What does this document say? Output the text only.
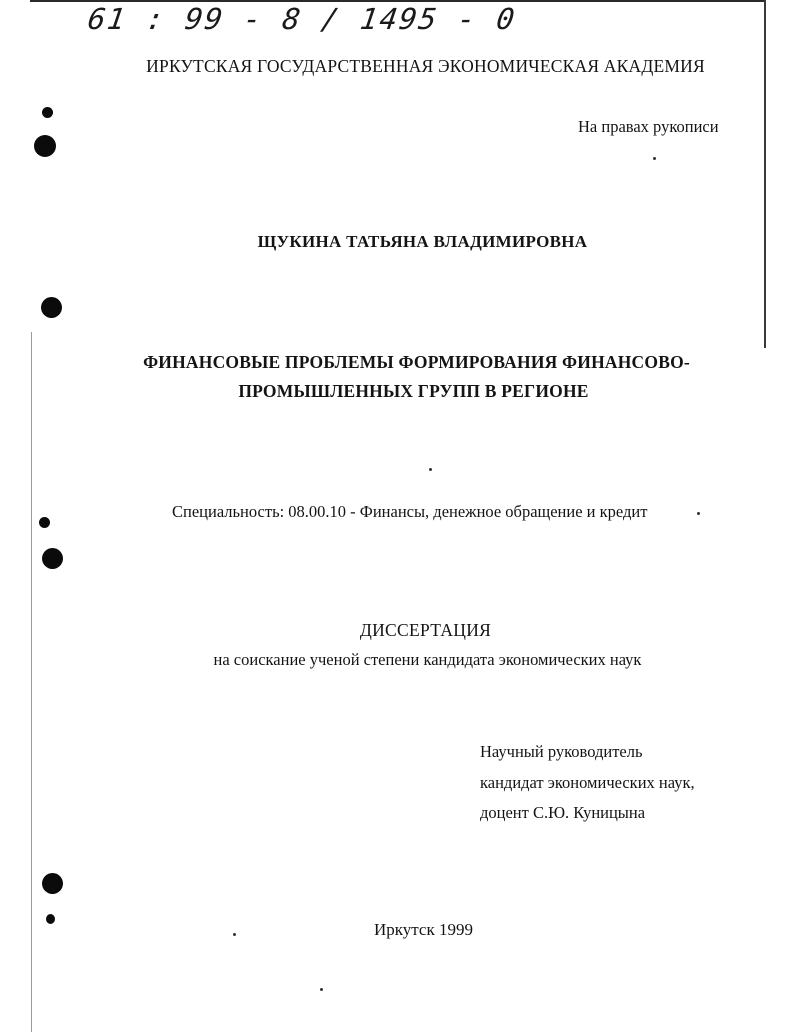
61 : 99 - 8 / 1495 - 0
ИРКУТСКАЯ ГОСУДАРСТВЕННАЯ ЭКОНОМИЧЕСКАЯ АКАДЕМИЯ
На правах рукописи
ЩУКИНА ТАТЬЯНА ВЛАДИМИРОВНА
ФИНАНСОВЫЕ ПРОБЛЕМЫ ФОРМИРОВАНИЯ ФИНАНСОВО-
ПРОМЫШЛЕННЫХ ГРУПП В РЕГИОНЕ
Специальность: 08.00.10 - Финансы, денежное обращение и кредит
ДИССЕРТАЦИЯ
на соискание ученой степени кандидата экономических наук
Научный руководитель
кандидат экономических наук,
доцент С.Ю. Куницына
Иркутск 1999
